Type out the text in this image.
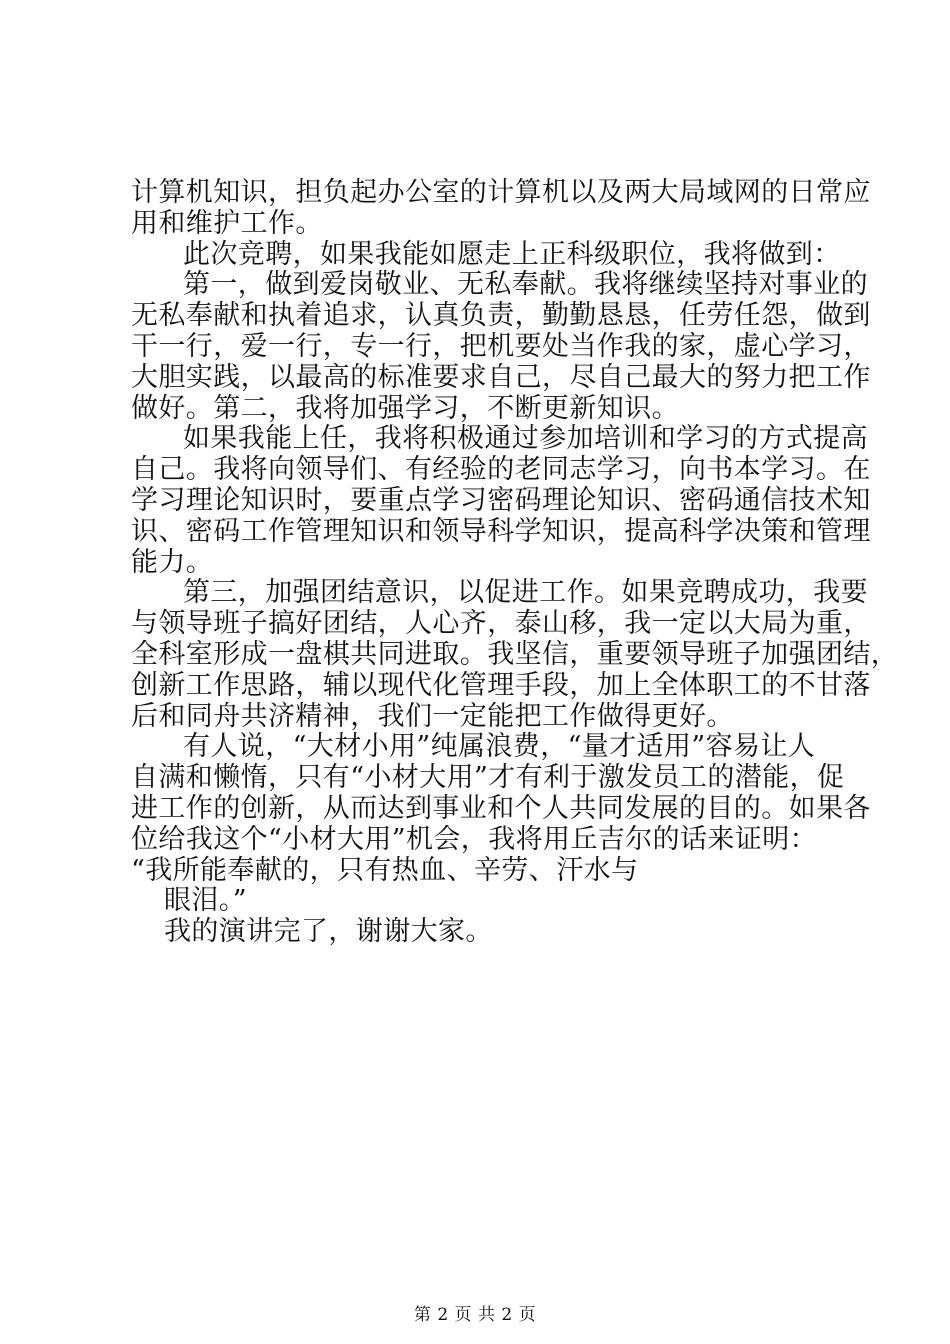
计算机知识，担负起办公室的计算机以及两大局域网的日常应
用和维护工作。
此次竞聘，如果我能如愿走上正科级职位，我将做到：
第一，做到爱岗敬业、无私奉献。我将继续坚持对事业的
无私奉献和执着追求，认真负责，勤勤恳恳，任劳任怨，做到
干一行，爱一行，专一行，把机要处当作我的家，虚心学习，
大胆实践，以最高的标准要求自己，尽自己最大的努力把工作
做好。第二，我将加强学习，不断更新知识。
如果我能上任，我将积极通过参加培训和学习的方式提高
自己。我将向领导们、有经验的老同志学习，向书本学习。在
学习理论知识时，要重点学习密码理论知识、密码通信技术知
识、密码工作管理知识和领导科学知识，提高科学决策和管理
能力。
第三，加强团结意识，以促进工作。如果竞聘成功，我要
与领导班子搞好团结，人心齐，泰山移，我一定以大局为重，
全科室形成一盘棋共同进取。我坚信，重要领导班子加强团结，
创新工作思路，辅以现代化管理手段，加上全体职工的不甘落
后和同舟共济精神，我们一定能把工作做得更好。
有人说，“大材小用”纯属浪费，“量才适用”容易让人
自满和懒惰，只有“小材大用”才有利于激发员工的潜能，促
进工作的创新，从而达到事业和个人共同发展的目的。如果各
位给我这个“小材大用”机会，我将用丘吉尔的话来证明：
“我所能奉献的，只有热血、辛劳、汗水与
眼泪。”
我的演讲完了，谢谢大家。
第 2 页 共 2 页
